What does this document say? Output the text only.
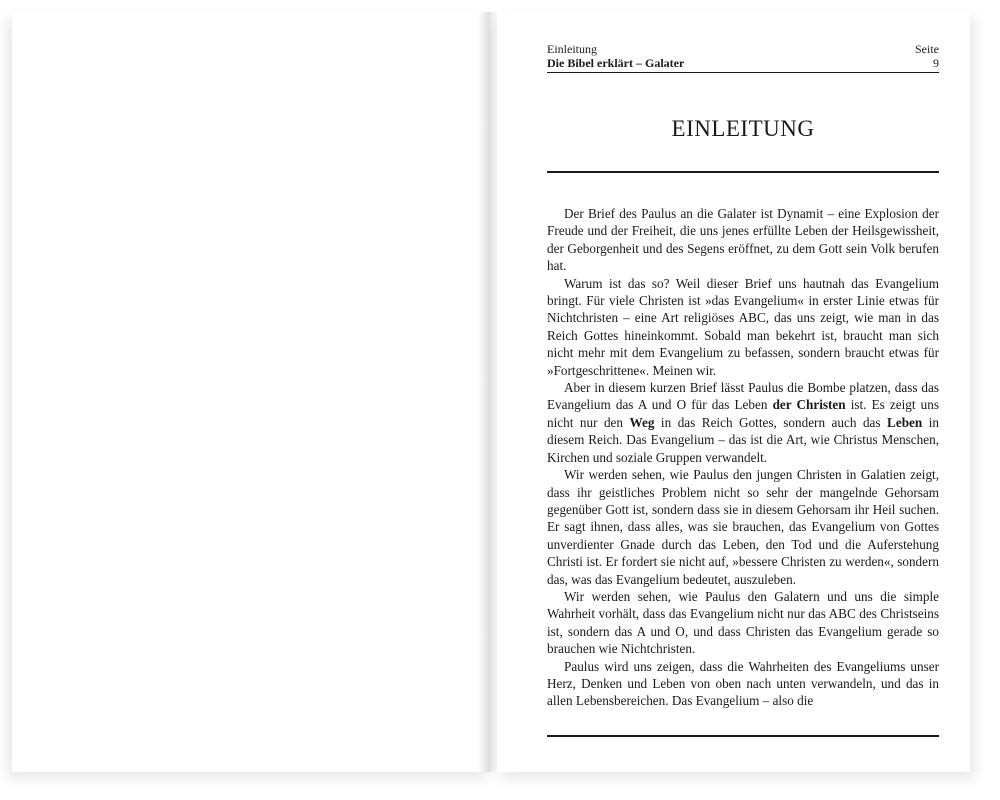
Einleitung	Seite
Die Bibel erklärt – Galater	9
EINLEITUNG

Der Brief des Paulus an die Galater ist Dynamit – eine Explosion der Freude und der Freiheit, die uns jenes erfüllte Leben der Heilsgewissheit, der Geborgenheit und des Segens eröffnet, zu dem Gott sein Volk berufen hat.

Warum ist das so? Weil dieser Brief uns hautnah das Evangelium bringt. Für viele Christen ist »das Evangelium« in erster Linie etwas für Nichtchristen – eine Art religiöses ABC, das uns zeigt, wie man in das Reich Gottes hineinkommt. Sobald man bekehrt ist, braucht man sich nicht mehr mit dem Evangelium zu befassen, sondern braucht etwas für »Fortgeschrittene«. Meinen wir.

Aber in diesem kurzen Brief lässt Paulus die Bombe platzen, dass das Evangelium das A und O für das Leben der Christen ist. Es zeigt uns nicht nur den Weg in das Reich Gottes, sondern auch das Leben in diesem Reich. Das Evangelium – das ist die Art, wie Christus Menschen, Kirchen und soziale Gruppen verwandelt.

Wir werden sehen, wie Paulus den jungen Christen in Galatien zeigt, dass ihr geistliches Problem nicht so sehr der mangelnde Gehorsam gegenüber Gott ist, sondern dass sie in diesem Gehorsam ihr Heil suchen. Er sagt ihnen, dass alles, was sie brauchen, das Evangelium von Gottes unverdienter Gnade durch das Leben, den Tod und die Auferstehung Christi ist. Er fordert sie nicht auf, »bessere Christen zu werden«, sondern das, was das Evangelium bedeutet, auszuleben.

Wir werden sehen, wie Paulus den Galatern und uns die simple Wahrheit vorhält, dass das Evangelium nicht nur das ABC des Christseins ist, sondern das A und O, und dass Christen das Evangelium gerade so brauchen wie Nichtchristen.

Paulus wird uns zeigen, dass die Wahrheiten des Evangeliums unser Herz, Denken und Leben von oben nach unten verwandeln, und das in allen Lebensbereichen. Das Evangelium – also die
